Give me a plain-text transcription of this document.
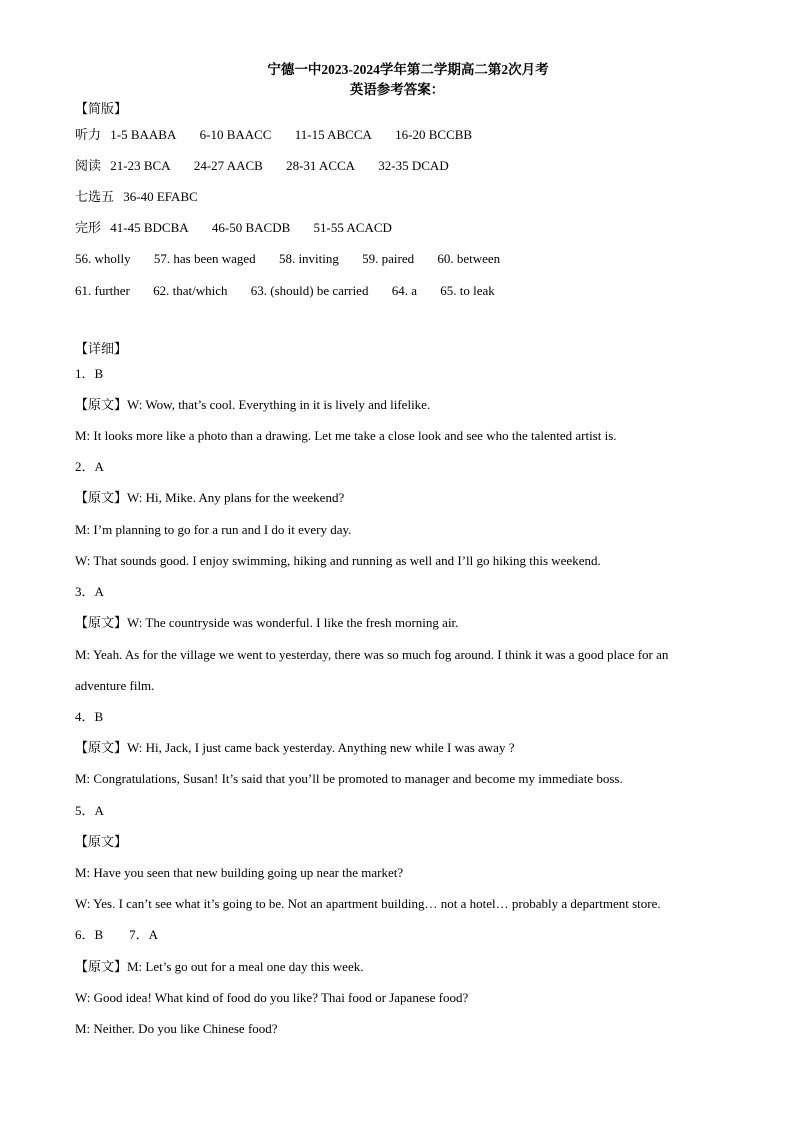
宁德一中2023-2024学年第二学期高二第2次月考
英语参考答案：
【简版】
听力 1-5 BAABA 6-10 BAACC 11-15 ABCCA 16-20 BCCBB
阅读 21-23 BCA 24-27 AACB 28-31 ACCA 32-35 DCAD
七选五 36-40 EFABC
完形 41-45 BDCBA 46-50 BACDB 51-55 ACACD
56. wholly 57. has been waged 58. inviting 59. paired 60. between
61. further 62. that/which 63. (should) be carried 64. a 65. to leak
【详细】
1．B
【原文】W: Wow, that’s cool. Everything in it is lively and lifelike.
M: It looks more like a photo than a drawing. Let me take a close look and see who the talented artist is.
2．A
【原文】W: Hi, Mike. Any plans for the weekend?
M: I’m planning to go for a run and I do it every day.
W: That sounds good. I enjoy swimming, hiking and running as well and I’ll go hiking this weekend.
3．A
【原文】W: The countryside was wonderful. I like the fresh morning air.
M: Yeah. As for the village we went to yesterday, there was so much fog around. I think it was a good place for an
adventure film.
4．B
【原文】W: Hi, Jack, I just came back yesterday. Anything new while I was away ?
M: Congratulations, Susan! It’s said that you’ll be promoted to manager and become my immediate boss.
5．A
【原文】
M: Have you seen that new building going up near the market?
W: Yes. I can’t see what it’s going to be. Not an apartment building… not a hotel… probably a department store.
6．B        7．A
【原文】M: Let’s go out for a meal one day this week.
W: Good idea! What kind of food do you like? Thai food or Japanese food?
M: Neither. Do you like Chinese food?
